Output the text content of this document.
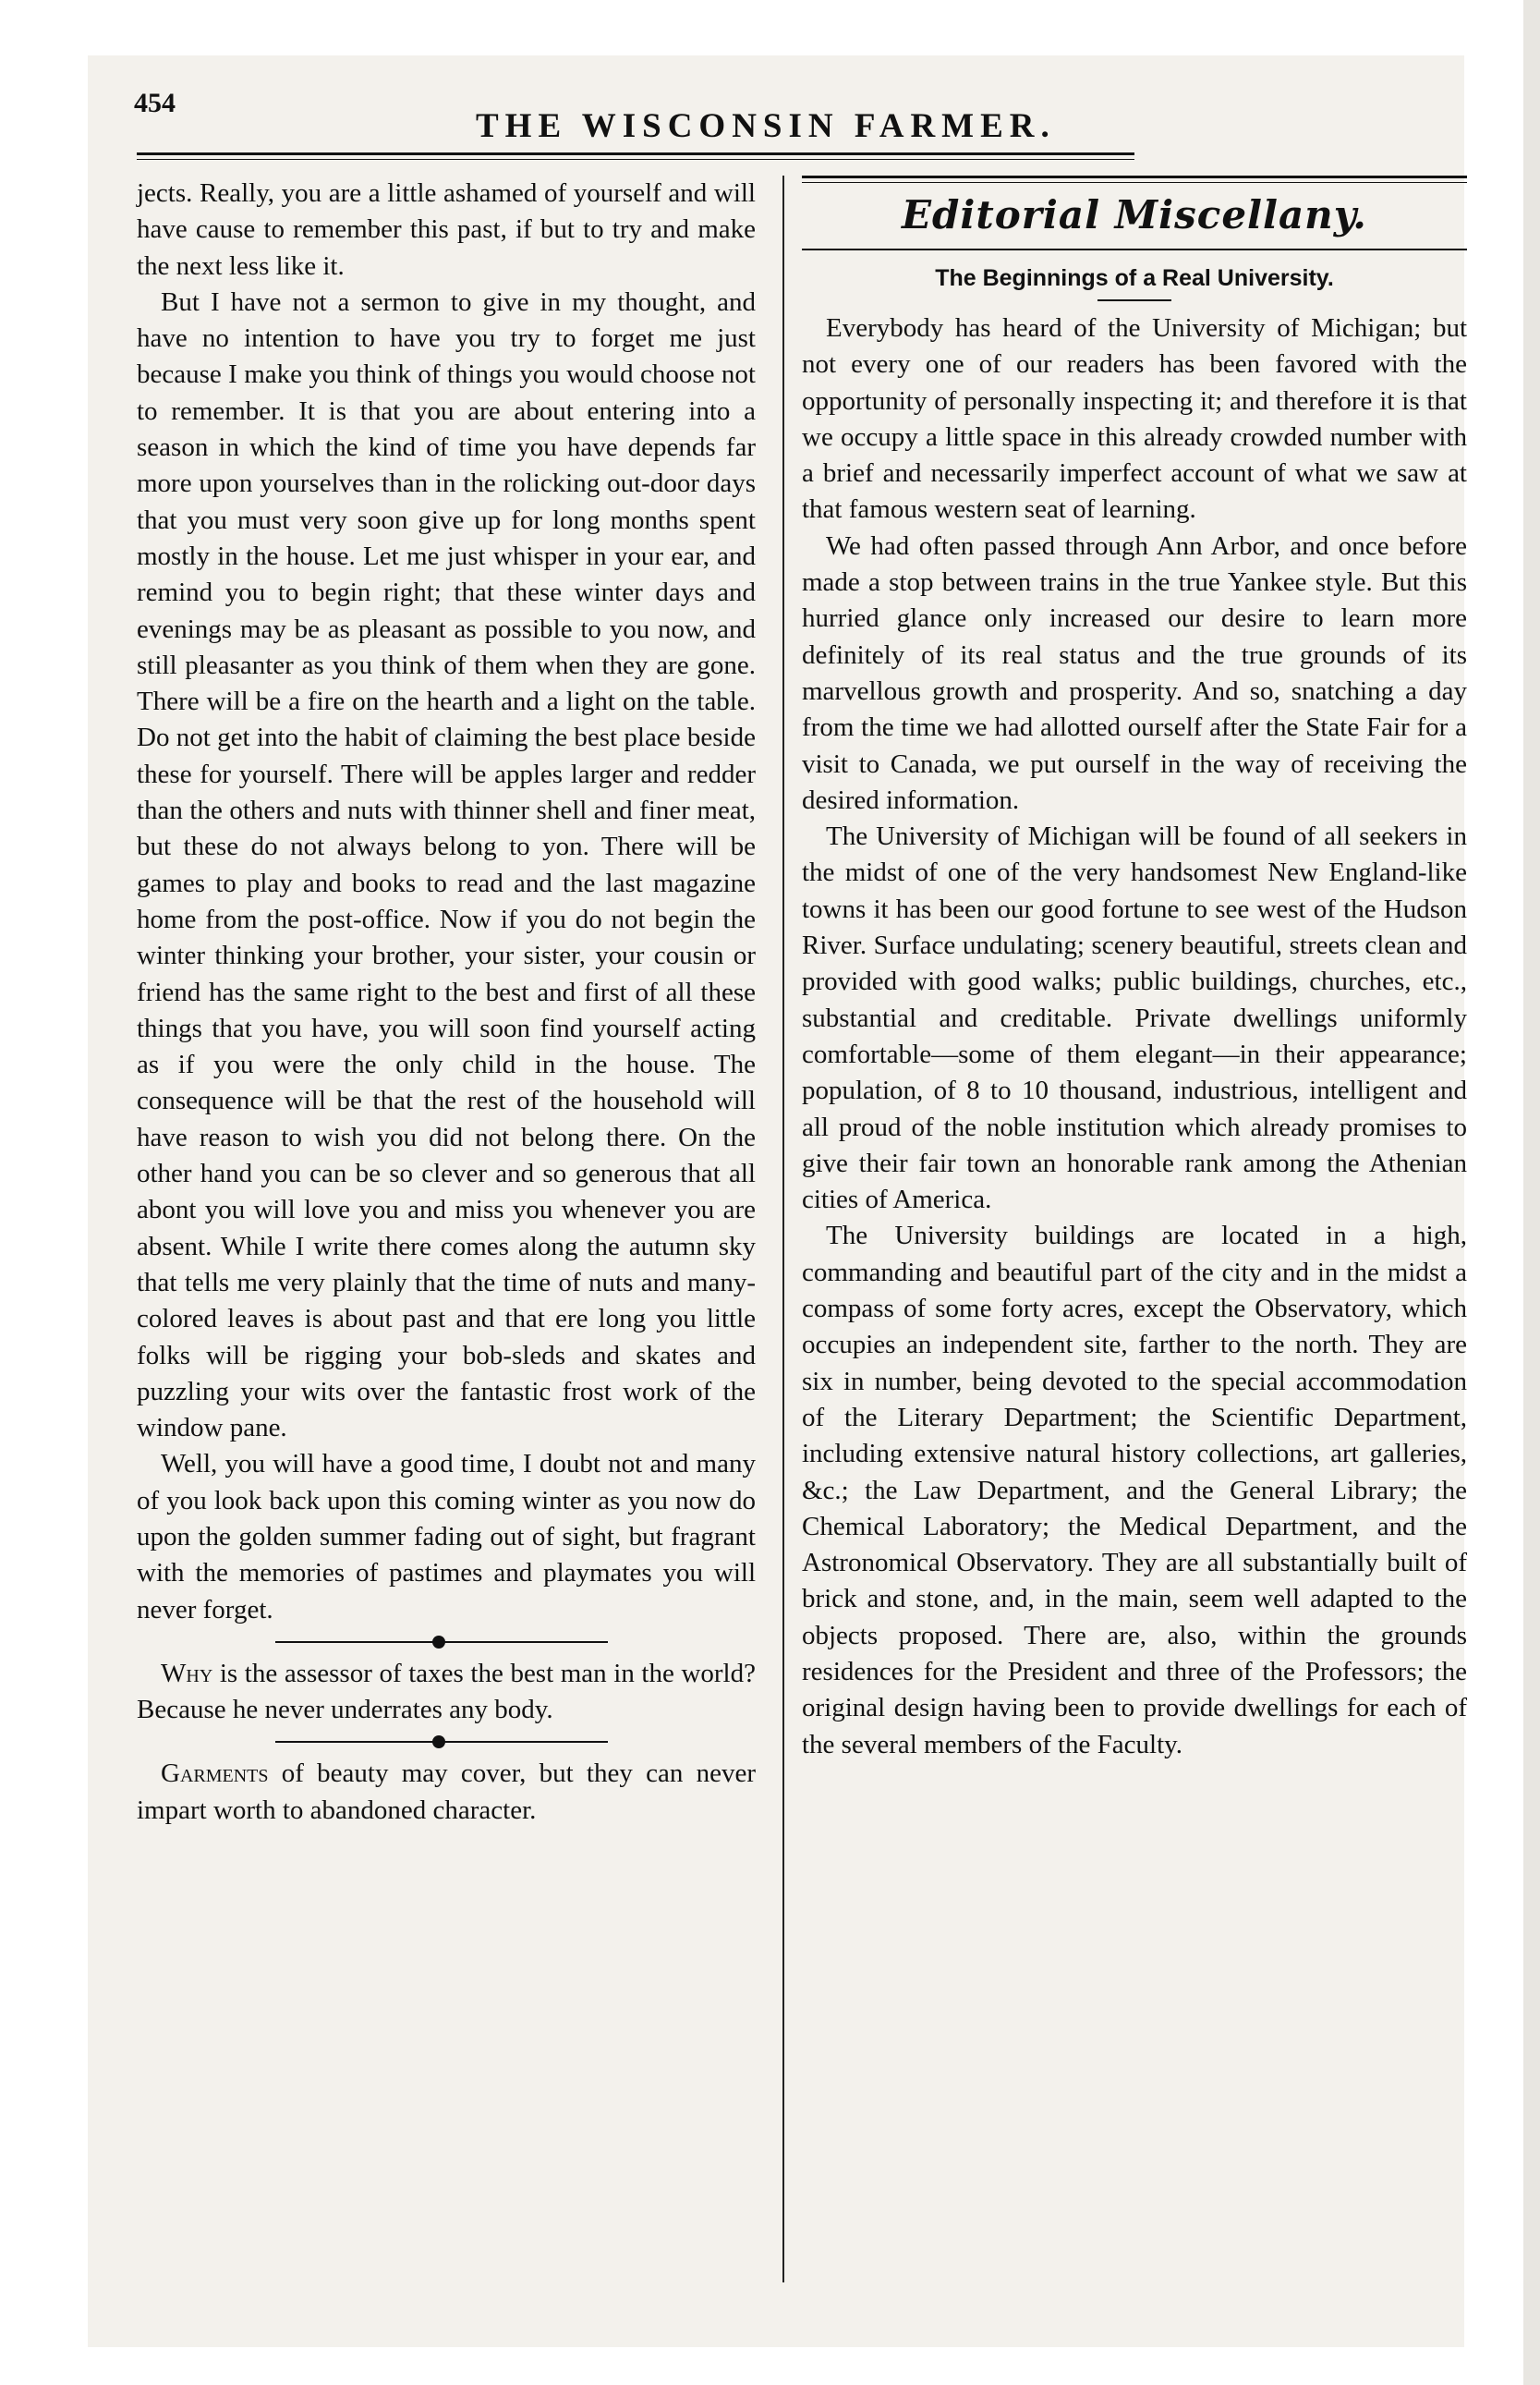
454
THE WISCONSIN FARMER.

jects. Really, you are a little ashamed of yourself and will have cause to remember this past, if but to try and make the next less like it.

But I have not a sermon to give in my thought, and have no intention to have you try to forget me just because I make you think of things you would choose not to remember. It is that you are about entering into a season in which the kind of time you have depends far more upon yourselves than in the rolicking out-door days that you must very soon give up for long months spent mostly in the house. Let me just whisper in your ear, and remind you to begin right; that these winter days and evenings may be as pleasant as possible to you now, and still pleasanter as you think of them when they are gone. There will be a fire on the hearth and a light on the table. Do not get into the habit of claiming the best place beside these for yourself. There will be apples larger and redder than the others and nuts with thinner shell and finer meat, but these do not always belong to yon. There will be games to play and books to read and the last magazine home from the post-office. Now if you do not begin the winter thinking your brother, your sister, your cousin or friend has the same right to the best and first of all these things that you have, you will soon find yourself acting as if you were the only child in the house. The consequence will be that the rest of the household will have reason to wish you did not belong there. On the other hand you can be so clever and so generous that all abont you will love you and miss you whenever you are absent. While I write there comes along the autumn sky that tells me very plainly that the time of nuts and many-colored leaves is about past and that ere long you little folks will be rigging your bob-sleds and skates and puzzling your wits over the fantastic frost work of the window pane.

Well, you will have a good time, I doubt not and many of you look back upon this coming winter as you now do upon the golden summer fading out of sight, but fragrant with the memories of pastimes and playmates you will never forget.

Why is the assessor of taxes the best man in the world? Because he never underrates any body.

Garments of beauty may cover, but they can never impart worth to abandoned character.

Editorial Miscellany.
The Beginnings of a Real University.

Everybody has heard of the University of Michigan; but not every one of our readers has been favored with the opportunity of personally inspecting it; and therefore it is that we occupy a little space in this already crowded number with a brief and necessarily imperfect account of what we saw at that famous western seat of learning.

We had often passed through Ann Arbor, and once before made a stop between trains in the true Yankee style. But this hurried glance only increased our desire to learn more definitely of its real status and the true grounds of its marvellous growth and prosperity. And so, snatching a day from the time we had allotted ourself after the State Fair for a visit to Canada, we put ourself in the way of receiving the desired information.

The University of Michigan will be found of all seekers in the midst of one of the very handsomest New England-like towns it has been our good fortune to see west of the Hudson River. Surface undulating; scenery beautiful, streets clean and provided with good walks; public buildings, churches, etc., substantial and creditable. Private dwellings uniformly comfortable—some of them elegant—in their appearance; population, of 8 to 10 thousand, industrious, intelligent and all proud of the noble institution which already promises to give their fair town an honorable rank among the Athenian cities of America.

The University buildings are located in a high, commanding and beautiful part of the city and in the midst a compass of some forty acres, except the Observatory, which occupies an independent site, farther to the north. They are six in number, being devoted to the special accommodation of the Literary Department; the Scientific Department, including extensive natural history collections, art galleries, &c.; the Law Department, and the General Library; the Chemical Laboratory; the Medical Department, and the Astronomical Observatory. They are all substantially built of brick and stone, and, in the main, seem well adapted to the objects proposed. There are, also, within the grounds residences for the President and three of the Professors; the original design having been to provide dwellings for each of the several members of the Faculty.
